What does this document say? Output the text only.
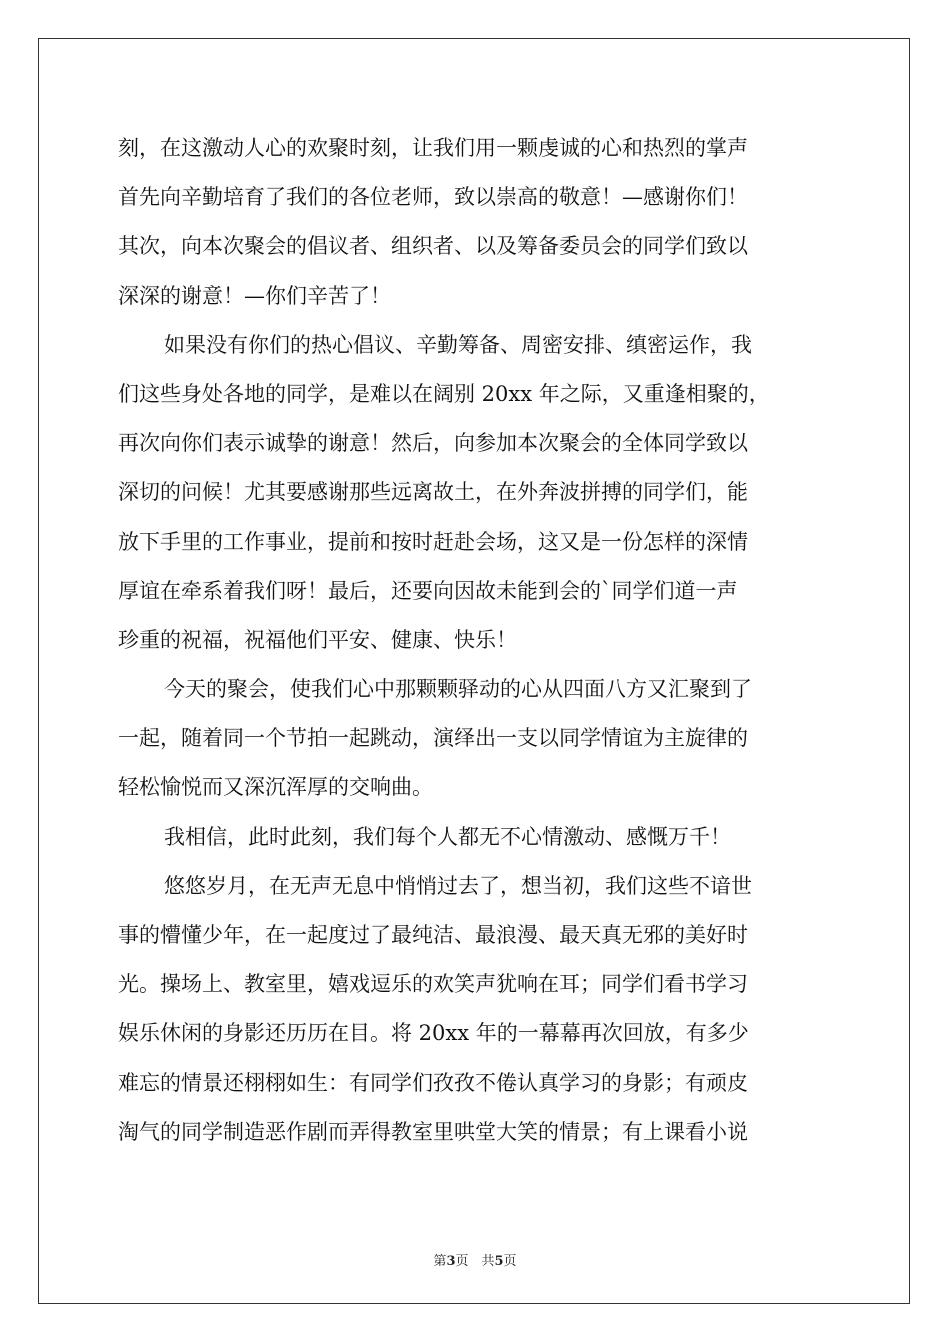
刻，在这激动人心的欢聚时刻，让我们用一颗虔诚的心和热烈的掌声
首先向辛勤培育了我们的各位老师，致以崇高的敬意！—感谢你们！
其次，向本次聚会的倡议者、组织者、以及筹备委员会的同学们致以
深深的谢意！—你们辛苦了！
如果没有你们的热心倡议、辛勤筹备、周密安排、缜密运作，我
们这些身处各地的同学，是难以在阔别 20xx 年之际，又重逢相聚的，
再次向你们表示诚挚的谢意！然后，向参加本次聚会的全体同学致以
深切的问候！尤其要感谢那些远离故土，在外奔波拼搏的同学们，能
放下手里的工作事业，提前和按时赶赴会场，这又是一份怎样的深情
厚谊在牵系着我们呀！最后，还要向因故未能到会的`同学们道一声
珍重的祝福，祝福他们平安、健康、快乐！
今天的聚会，使我们心中那颗颗驿动的心从四面八方又汇聚到了
一起，随着同一个节拍一起跳动，演绎出一支以同学情谊为主旋律的
轻松愉悦而又深沉浑厚的交响曲。
我相信，此时此刻，我们每个人都无不心情激动、感慨万千！
悠悠岁月，在无声无息中悄悄过去了，想当初，我们这些不谙世
事的懵懂少年，在一起度过了最纯洁、最浪漫、最天真无邪的美好时
光。操场上、教室里，嬉戏逗乐的欢笑声犹响在耳；同学们看书学习
娱乐休闲的身影还历历在目。将 20xx 年的一幕幕再次回放，有多少
难忘的情景还栩栩如生：有同学们孜孜不倦认真学习的身影；有顽皮
淘气的同学制造恶作剧而弄得教室里哄堂大笑的情景；有上课看小说
第3页　共5页
